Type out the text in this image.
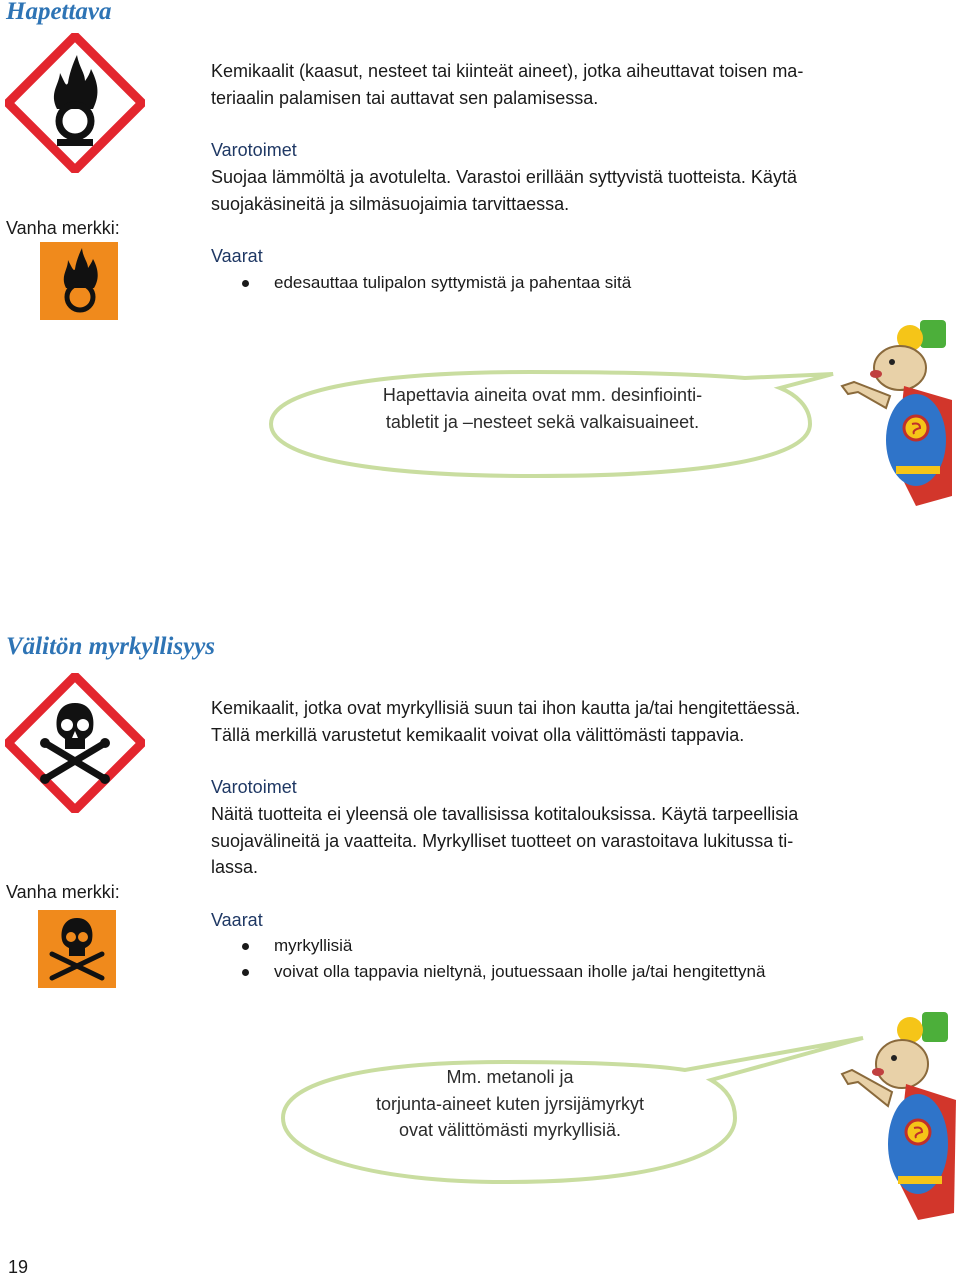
Hapettava
Vanha merkki:
Kemikaalit (kaasut, nesteet tai kiinteät aineet), jotka aiheuttavat toisen ma-
teriaalin palamisen tai auttavat sen palamisessa.
Varotoimet
Suojaa lämmöltä ja avotulelta. Varastoi erillään syttyvistä tuotteista. Käytä
suojakäsineitä ja silmäsuojaimia tarvittaessa.
Vaarat
edesauttaa tulipalon syttymistä ja pahentaa sitä
Hapettavia aineita ovat mm. desinfiointi-
tabletit ja –nesteet sekä valkaisuaineet.
Välitön myrkyllisyys
Vanha merkki:
Kemikaalit, jotka ovat myrkyllisiä suun tai ihon kautta ja/tai hengitettäessä.
Tällä merkillä varustetut kemikaalit voivat olla välittömästi tappavia.
Varotoimet
Näitä tuotteita ei yleensä ole tavallisissa kotitalouksissa. Käytä tarpeellisia
suojavälineitä ja vaatteita. Myrkylliset tuotteet on varastoitava lukitussa ti-
lassa.
Vaarat
myrkyllisiä
voivat olla tappavia nieltynä, joutuessaan iholle ja/tai hengitettynä
Mm. metanoli ja
torjunta-aineet kuten jyrsijämyrkyt
ovat välittömästi myrkyllisiä.
19
